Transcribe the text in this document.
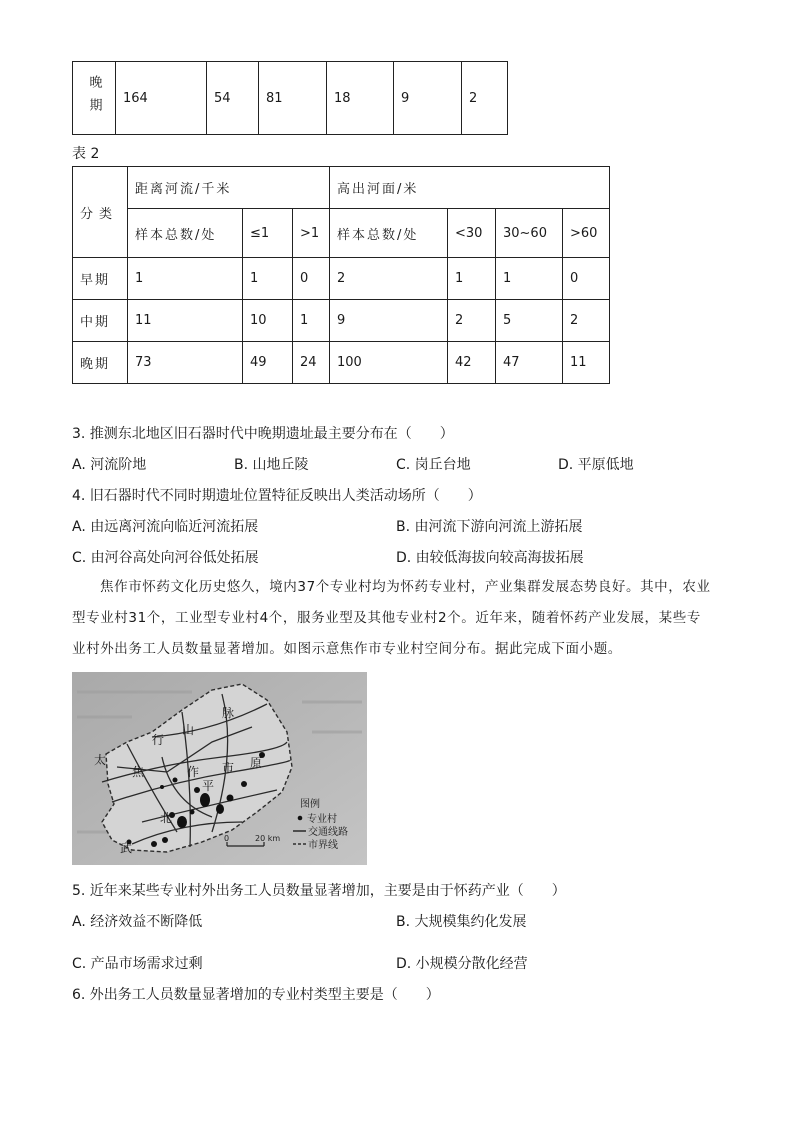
晚期	164	54	81	18	9	2
表 2
分类	距离河流/千米			高出河面/米			
	样本总数/处	≤1	>1	样本总数/处	<30	30~60	>60
早期	1	1	0	2	1	1	0
中期	11	10	1	9	2	5	2
晚期	73	49	24	100	42	47	11
3. 推测东北地区旧石器时代中晚期遗址最主要分布在（　　）
A. 河流阶地	B. 山地丘陵	C. 岗丘台地	D. 平原低地
4. 旧石器时代不同时期遗址位置特征反映出人类活动场所（　　）
A. 由远离河流向临近河流拓展	B. 由河流下游向河流上游拓展
C. 由河谷高处向河谷低处拓展	D. 由较低海拔向较高海拔拓展

焦作市怀药文化历史悠久，境内37个专业村均为怀药专业村，产业集群发展态势良好。其中，农业

型专业村31个，工业型专业村4个，服务业型及其他专业村2个。近年来，随着怀药产业发展，某些专

业村外出务工人员数量显著增加。如图示意焦作市专业村空间分布。据此完成下面小题。

太
行
山
脉
焦	作 市 原
平
北
武
0	20 km
图例
专业村
交通线路
市界线
5. 近年来某些专业村外出务工人员数量显著增加，主要是由于怀药产业（　　）
A. 经济效益不断降低	B. 大规模集约化发展
C. 产品市场需求过剩	D. 小规模分散化经营
6. 外出务工人员数量显著增加的专业村类型主要是（　　）
